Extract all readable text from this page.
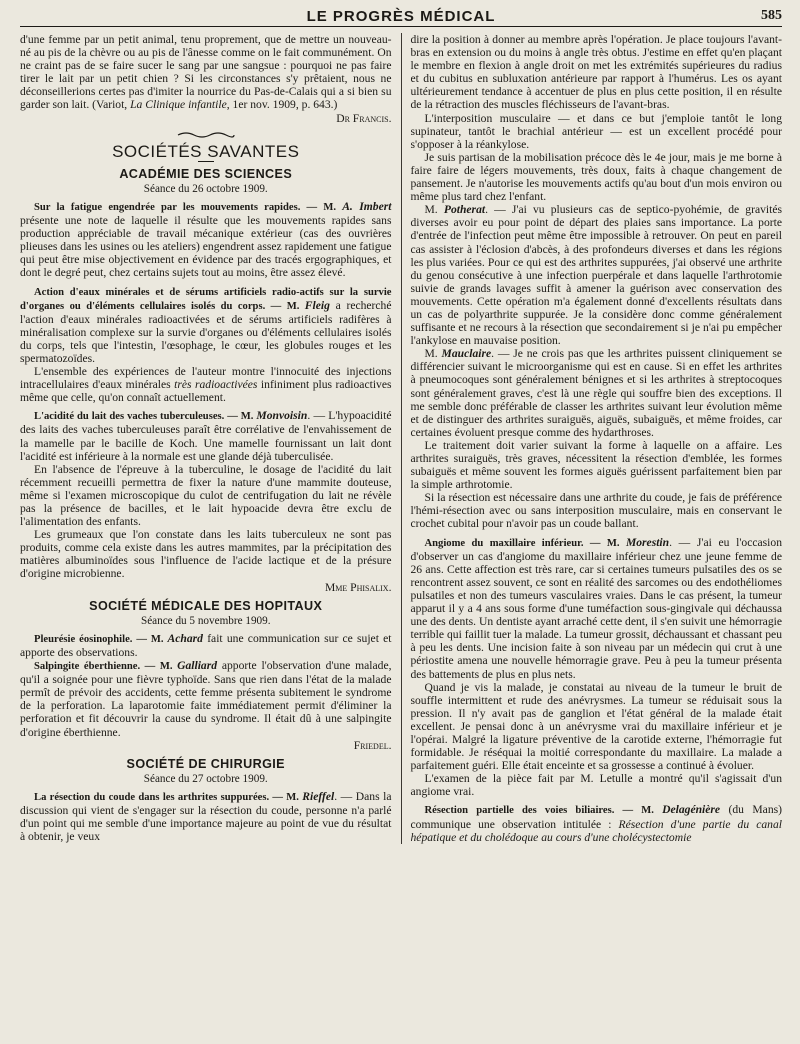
LE PROGRÈS MÉDICAL	585

d'une femme par un petit animal, tenu proprement, que de mettre un nouveau-né au pis de la chèvre ou au pis de l'ânesse comme on le fait communément. On ne craint pas de se faire sucer le sang par une sangsue : pourquoi ne pas faire tirer le lait par un petit chien ? Si les circonstances s'y prêtaient, nous ne déconseillerions certes pas d'imiter la nourrice du Pas-de-Calais qui a si bien su garder son lait. (Variot, La Clinique infantile, 1er nov. 1909, p. 643.)

Dr Francis.

SOCIÉTÉS SAVANTES
ACADÉMIE DES SCIENCES
Séance du 26 octobre 1909.

Sur la fatigue engendrée par les mouvements rapides. — M. A. Imbert présente une note de laquelle il résulte que les mouvements rapides sans production appréciable de travail mécanique extérieur (cas des ouvrières plieuses dans les usines ou les ateliers) engendrent assez rapidement une fatigue qui peut être mise objectivement en évidence par des tracés ergographiques, et dont le degré peut, chez certains sujets tout au moins, être assez élevé.

Action d'eaux minérales et de sérums artificiels radio-actifs sur la survie d'organes ou d'éléments cellulaires isolés du corps. — M. Fleig a recherché l'action d'eaux minérales radioactivées et de sérums artificiels radifères à minéralisation complexe sur la survie d'organes ou d'éléments cellulaires isolés du corps, tels que l'intestin, l'œsophage, le cœur, les globules rouges et les spermatozoïdes.

L'ensemble des expériences de l'auteur montre l'innocuité des injections intracellulaires d'eaux minérales très radioactivées infiniment plus radioactives même que celle, qu'on connaît actuellement.

L'acidité du lait des vaches tuberculeuses. — M. Monvoisin. — L'hypoacidité des laits des vaches tuberculeuses paraît être corrélative de l'envahissement de la mamelle par le bacille de Koch. Une mamelle fournissant un lait dont l'acidité est inférieure à la normale est une glande déjà tuberculisée.

En l'absence de l'épreuve à la tuberculine, le dosage de l'acidité du lait récemment recueilli permettra de fixer la nature d'une mammite douteuse, même si l'examen microscopique du culot de centrifugation du lait ne révèle pas la présence de bacilles, et le lait hypoacide devra être exclu de l'alimentation des enfants.

Les grumeaux que l'on constate dans les laits tuberculeux ne sont pas produits, comme cela existe dans les autres mammites, par la précipitation des matières albuminoïdes sous l'influence de l'acide lactique et de la présure d'origine microbienne.

Mme Phisalix.

SOCIÉTÉ MÉDICALE DES HOPITAUX
Séance du 5 novembre 1909.

Pleurésie éosinophile. — M. Achard fait une communication sur ce sujet et apporte des observations.

Salpingite éberthienne. — M. Galliard apporte l'observation d'une malade, qu'il a soignée pour une fièvre typhoïde. Sans que rien dans l'état de la malade permît de prévoir des accidents, cette femme présenta subitement le syndrome de la perforation. La laparotomie faite immédiatement permit d'éliminer la perforation et fit découvrir la cause du syndrome. Il était dû à une salpingite d'origine éberthienne.

Friedel.

SOCIÉTÉ DE CHIRURGIE
Séance du 27 octobre 1909.

La résection du coude dans les arthrites suppurées. — M. Rieffel. — Dans la discussion qui vient de s'engager sur la résection du coude, personne n'a parlé d'un point qui me semble d'une importance majeure au point de vue du résultat à obtenir, je veux

dire la position à donner au membre après l'opération. Je place toujours l'avant-bras en extension ou du moins à angle très obtus. J'estime en effet qu'en plaçant le membre en flexion à angle droit on met les extrémités supérieures du radius et du cubitus en subluxation antérieure par rapport à l'humérus. Les os ayant ultérieurement tendance à accentuer de plus en plus cette position, il en résulte de la rétraction des muscles fléchisseurs de l'avant-bras.

L'interposition musculaire — et dans ce but j'emploie tantôt le long supinateur, tantôt le brachial antérieur — est un excellent procédé pour s'opposer à la réankylose.

Je suis partisan de la mobilisation précoce dès le 4e jour, mais je me borne à faire faire de légers mouvements, très doux, faits à chaque changement de pansement. Je n'autorise les mouvements actifs qu'au bout d'un mois environ ou même plus tard chez l'enfant.

M. Potherat. — J'ai vu plusieurs cas de septico-pyohémie, de gravités diverses avoir eu pour point de départ des plaies sans importance. La porte d'entrée de l'infection peut même être impossible à retrouver. On peut en pareil cas assister à l'éclosion d'abcès, à des profondeurs diverses et dans les régions les plus variées. Pour ce qui est des arthrites suppurées, j'ai observé une arthrite du genou consécutive à une infection puerpérale et dans laquelle l'arthrotomie suivie de grands lavages suffit à amener la guérison avec conservation des mouvements. Cette opération m'a également donné d'excellents résultats dans un cas de polyarthrite suppurée. Je la considère donc comme généralement suffisante et ne recours à la résection que secondairement si je n'ai pu empêcher l'ankylose en mauvaise position.

M. Mauclaire. — Je ne crois pas que les arthrites puissent cliniquement se différencier suivant le microorganisme qui est en cause. Si en effet les arthrites à pneumocoques sont généralement bénignes et si les arthrites à streptocoques sont généralement graves, c'est là une règle qui souffre bien des exceptions. Il me semble donc préférable de classer les arthrites suivant leur évolution même et de distinguer des arthrites suraiguës, aiguës, subaiguës, et même froides, car certaines évoluent presque comme des hydarthroses.

Le traitement doit varier suivant la forme à laquelle on a affaire. Les arthrites suraiguës, très graves, nécessitent la résection d'emblée, les formes subaiguës et même souvent les formes aiguës guérissent parfaitement bien par la simple arthrotomie.

Si la résection est nécessaire dans une arthrite du coude, je fais de préférence l'hémi-résection avec ou sans interposition musculaire, mais en conservant le crochet cubital pour n'avoir pas un coude ballant.

Angiome du maxillaire inférieur. — M. Morestin. — J'ai eu l'occasion d'observer un cas d'angiome du maxillaire inférieur chez une jeune femme de 26 ans. Cette affection est très rare, car si certaines tumeurs pulsatiles des os se rencontrent assez souvent, ce sont en réalité des sarcomes ou des endothéliomes pulsatiles et non des tumeurs vasculaires vraies. Dans le cas présent, la tumeur apparut il y a 4 ans sous forme d'une tuméfaction sous-gingivale qui déchaussa une des dents. Un dentiste ayant arraché cette dent, il s'en suivit une hémorragie terrible qui faillit tuer la malade. La tumeur grossit, déchaussant et chassant peu à peu les dents. Une incision faite à son niveau par un médecin qui crut à une périostite amena une nouvelle hémorragie grave. Peu à peu la tumeur présenta des battements de plus en plus nets.

Quand je vis la malade, je constatai au niveau de la tumeur le bruit de souffle intermittent et rude des anévrysmes. La tumeur se réduisait sous la pression. Il n'y avait pas de ganglion et l'état général de la malade était excellent. Je pensai donc à un anévrysme vrai du maxillaire inférieur et je l'opérai. Malgré la ligature préventive de la carotide externe, l'hémorragie fut formidable. Je réséquai la moitié correspondante du maxillaire. La malade a parfaitement guéri. Elle était enceinte et sa grossesse a continué à évoluer.

L'examen de la pièce fait par M. Letulle a montré qu'il s'agissait d'un angiome vrai.

Résection partielle des voies biliaires. — M. Delagénière (du Mans) communique une observation intitulée : Résection d'une partie du canal hépatique et du cholédoque au cours d'une cholécystectomie
